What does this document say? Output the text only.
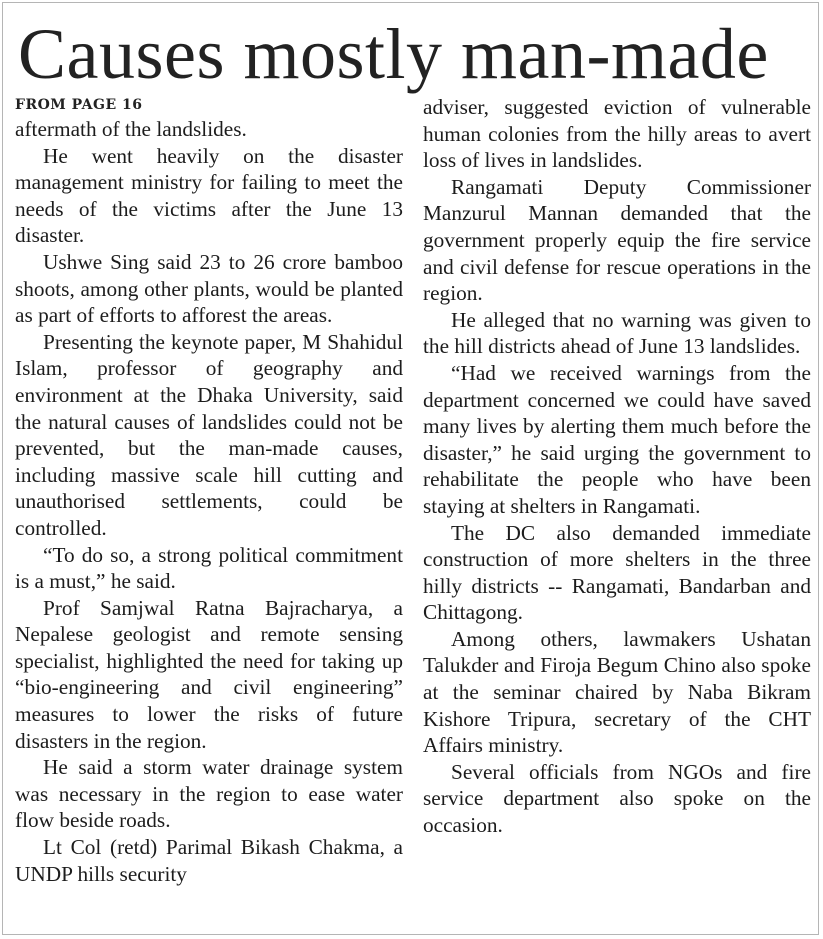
Causes mostly man-made
FROM PAGE 16

aftermath of the landslides.

He went heavily on the disaster management ministry for failing to meet the needs of the victims after the June 13 disaster.

Ushwe Sing said 23 to 26 crore bamboo shoots, among other plants, would be planted as part of efforts to afforest the areas.

Presenting the keynote paper, M Shahidul Islam, professor of geography and environment at the Dhaka University, said the natural causes of landslides could not be prevented, but the man-made causes, including massive scale hill cutting and unauthorised settlements, could be controlled.

“To do so, a strong political commitment is a must,” he said.

Prof Samjwal Ratna Bajracharya, a Nepalese geologist and remote sensing specialist, highlighted the need for taking up “bio-engineering and civil engineering” measures to lower the risks of future disasters in the region.

He said a storm water drainage system was necessary in the region to ease water flow beside roads.

Lt Col (retd) Parimal Bikash Chakma, a UNDP hills security

adviser, suggested eviction of vulnerable human colonies from the hilly areas to avert loss of lives in landslides.

Rangamati Deputy Commissioner Manzurul Mannan demanded that the government properly equip the fire service and civil defense for rescue operations in the region.

He alleged that no warning was given to the hill districts ahead of June 13 landslides.

“Had we received warnings from the department concerned we could have saved many lives by alerting them much before the disaster,” he said urging the government to rehabilitate the people who have been staying at shelters in Rangamati.

The DC also demanded immediate construction of more shelters in the three hilly districts -- Rangamati, Bandarban and Chittagong.

Among others, lawmakers Ushatan Talukder and Firoja Begum Chino also spoke at the seminar chaired by Naba Bikram Kishore Tripura, secretary of the CHT Affairs ministry.

Several officials from NGOs and fire service department also spoke on the occasion.
